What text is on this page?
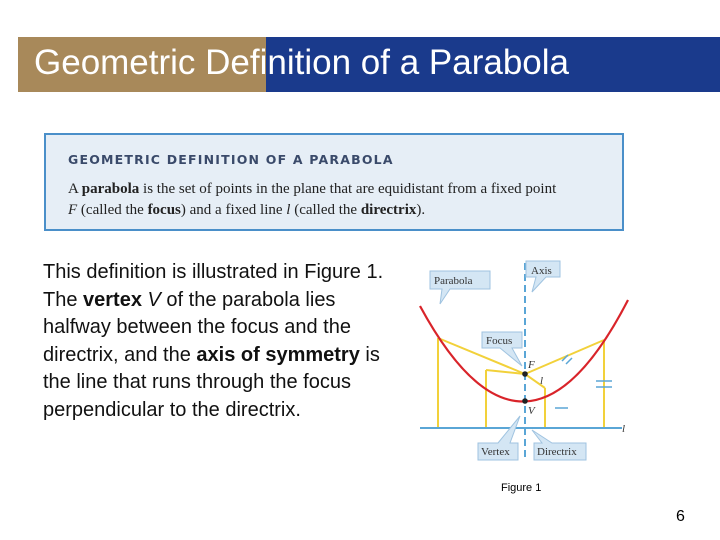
Geometric Definition of a Parabola
GEOMETRIC DEFINITION OF A PARABOLA
A parabola is the set of points in the plane that are equidistant from a fixed point
F (called the focus) and a fixed line l (called the directrix).
This definition is illustrated in Figure 1. The vertex V of the parabola lies halfway between the focus and the directrix, and the axis of symmetry is the line that runs through the focus perpendicular to the directrix.
F
V
l
l
Parabola
Axis
Focus
Vertex Directrix
Figure 1
6
